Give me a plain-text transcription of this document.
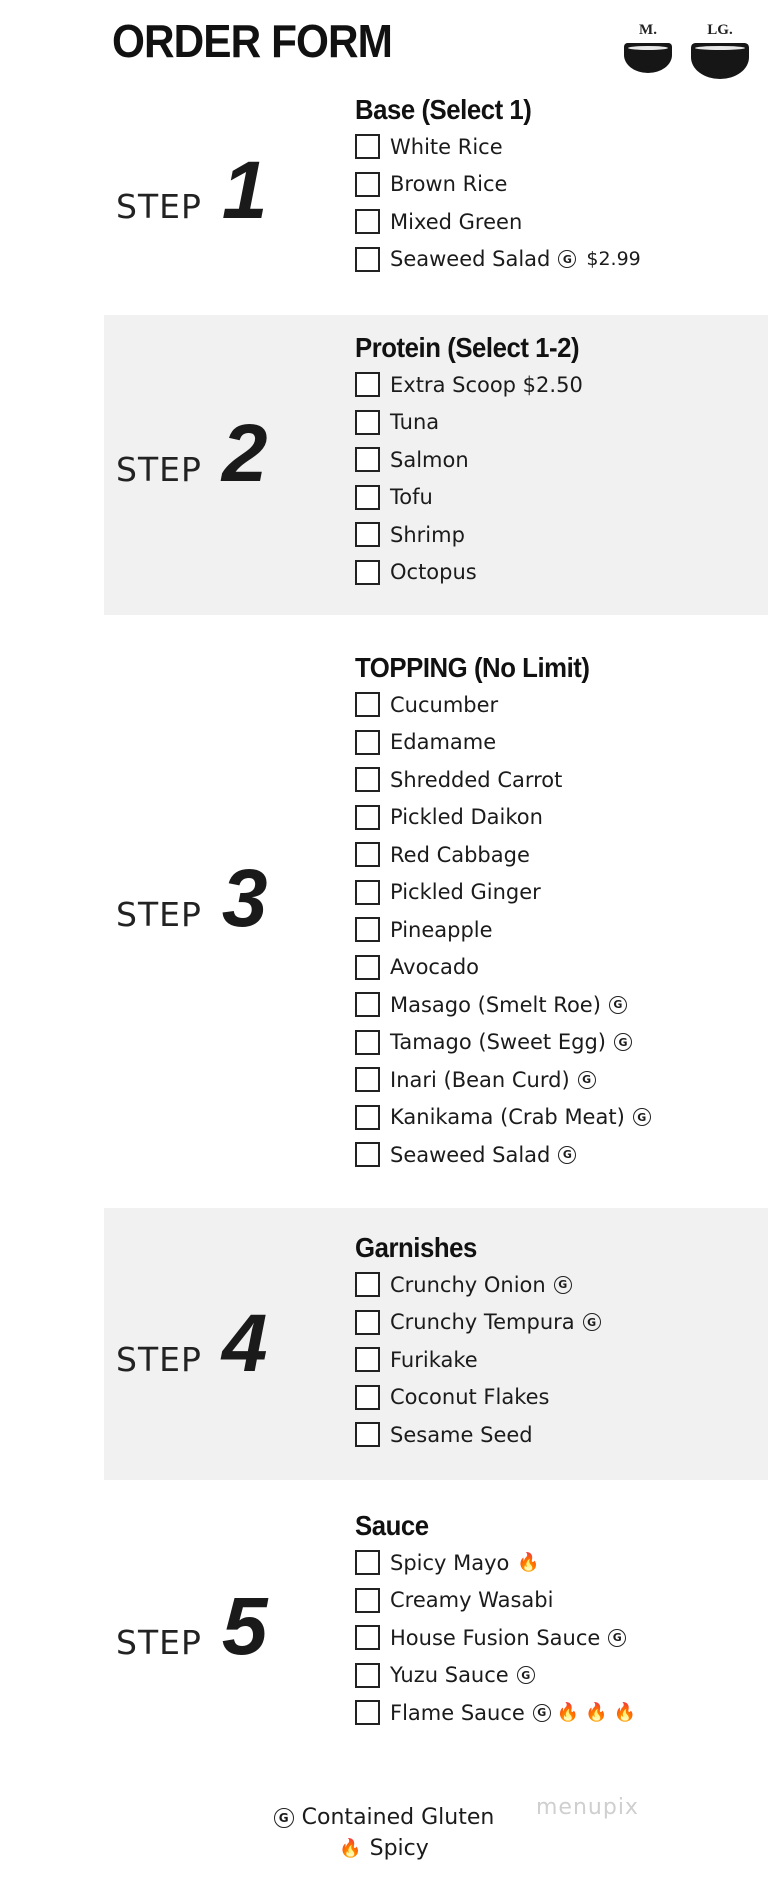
ORDER FORM	M.	LG.
STEP 1
Base (Select 1)
White Rice
Brown Rice
Mixed Green
Seaweed Salad	G $2.99
STEP 2
Protein (Select 1-2)
Extra Scoop $2.50
Tuna
Salmon
Tofu
Shrimp
Octopus
STEP 3
TOPPING (No Limit)
Cucumber
Edamame
Shredded Carrot
Pickled Daikon
Red Cabbage
Pickled Ginger
Pineapple
Avocado
Masago (Smelt Roe)	G
Tamago (Sweet Egg)	G
Inari (Bean Curd)	G
Kanikama (Crab Meat)	G
Seaweed Salad	G
STEP 4
Garnishes
Crunchy Onion	G
Crunchy Tempura	G
Furikake
Coconut Flakes
Sesame Seed
STEP 5
Sauce
Spicy Mayo 🔥
Creamy Wasabi
House Fusion Sauce	G
Yuzu Sauce	G
Flame Sauce	G 🔥 🔥 🔥
G Contained Gluten
🔥 Spicy
menupix
